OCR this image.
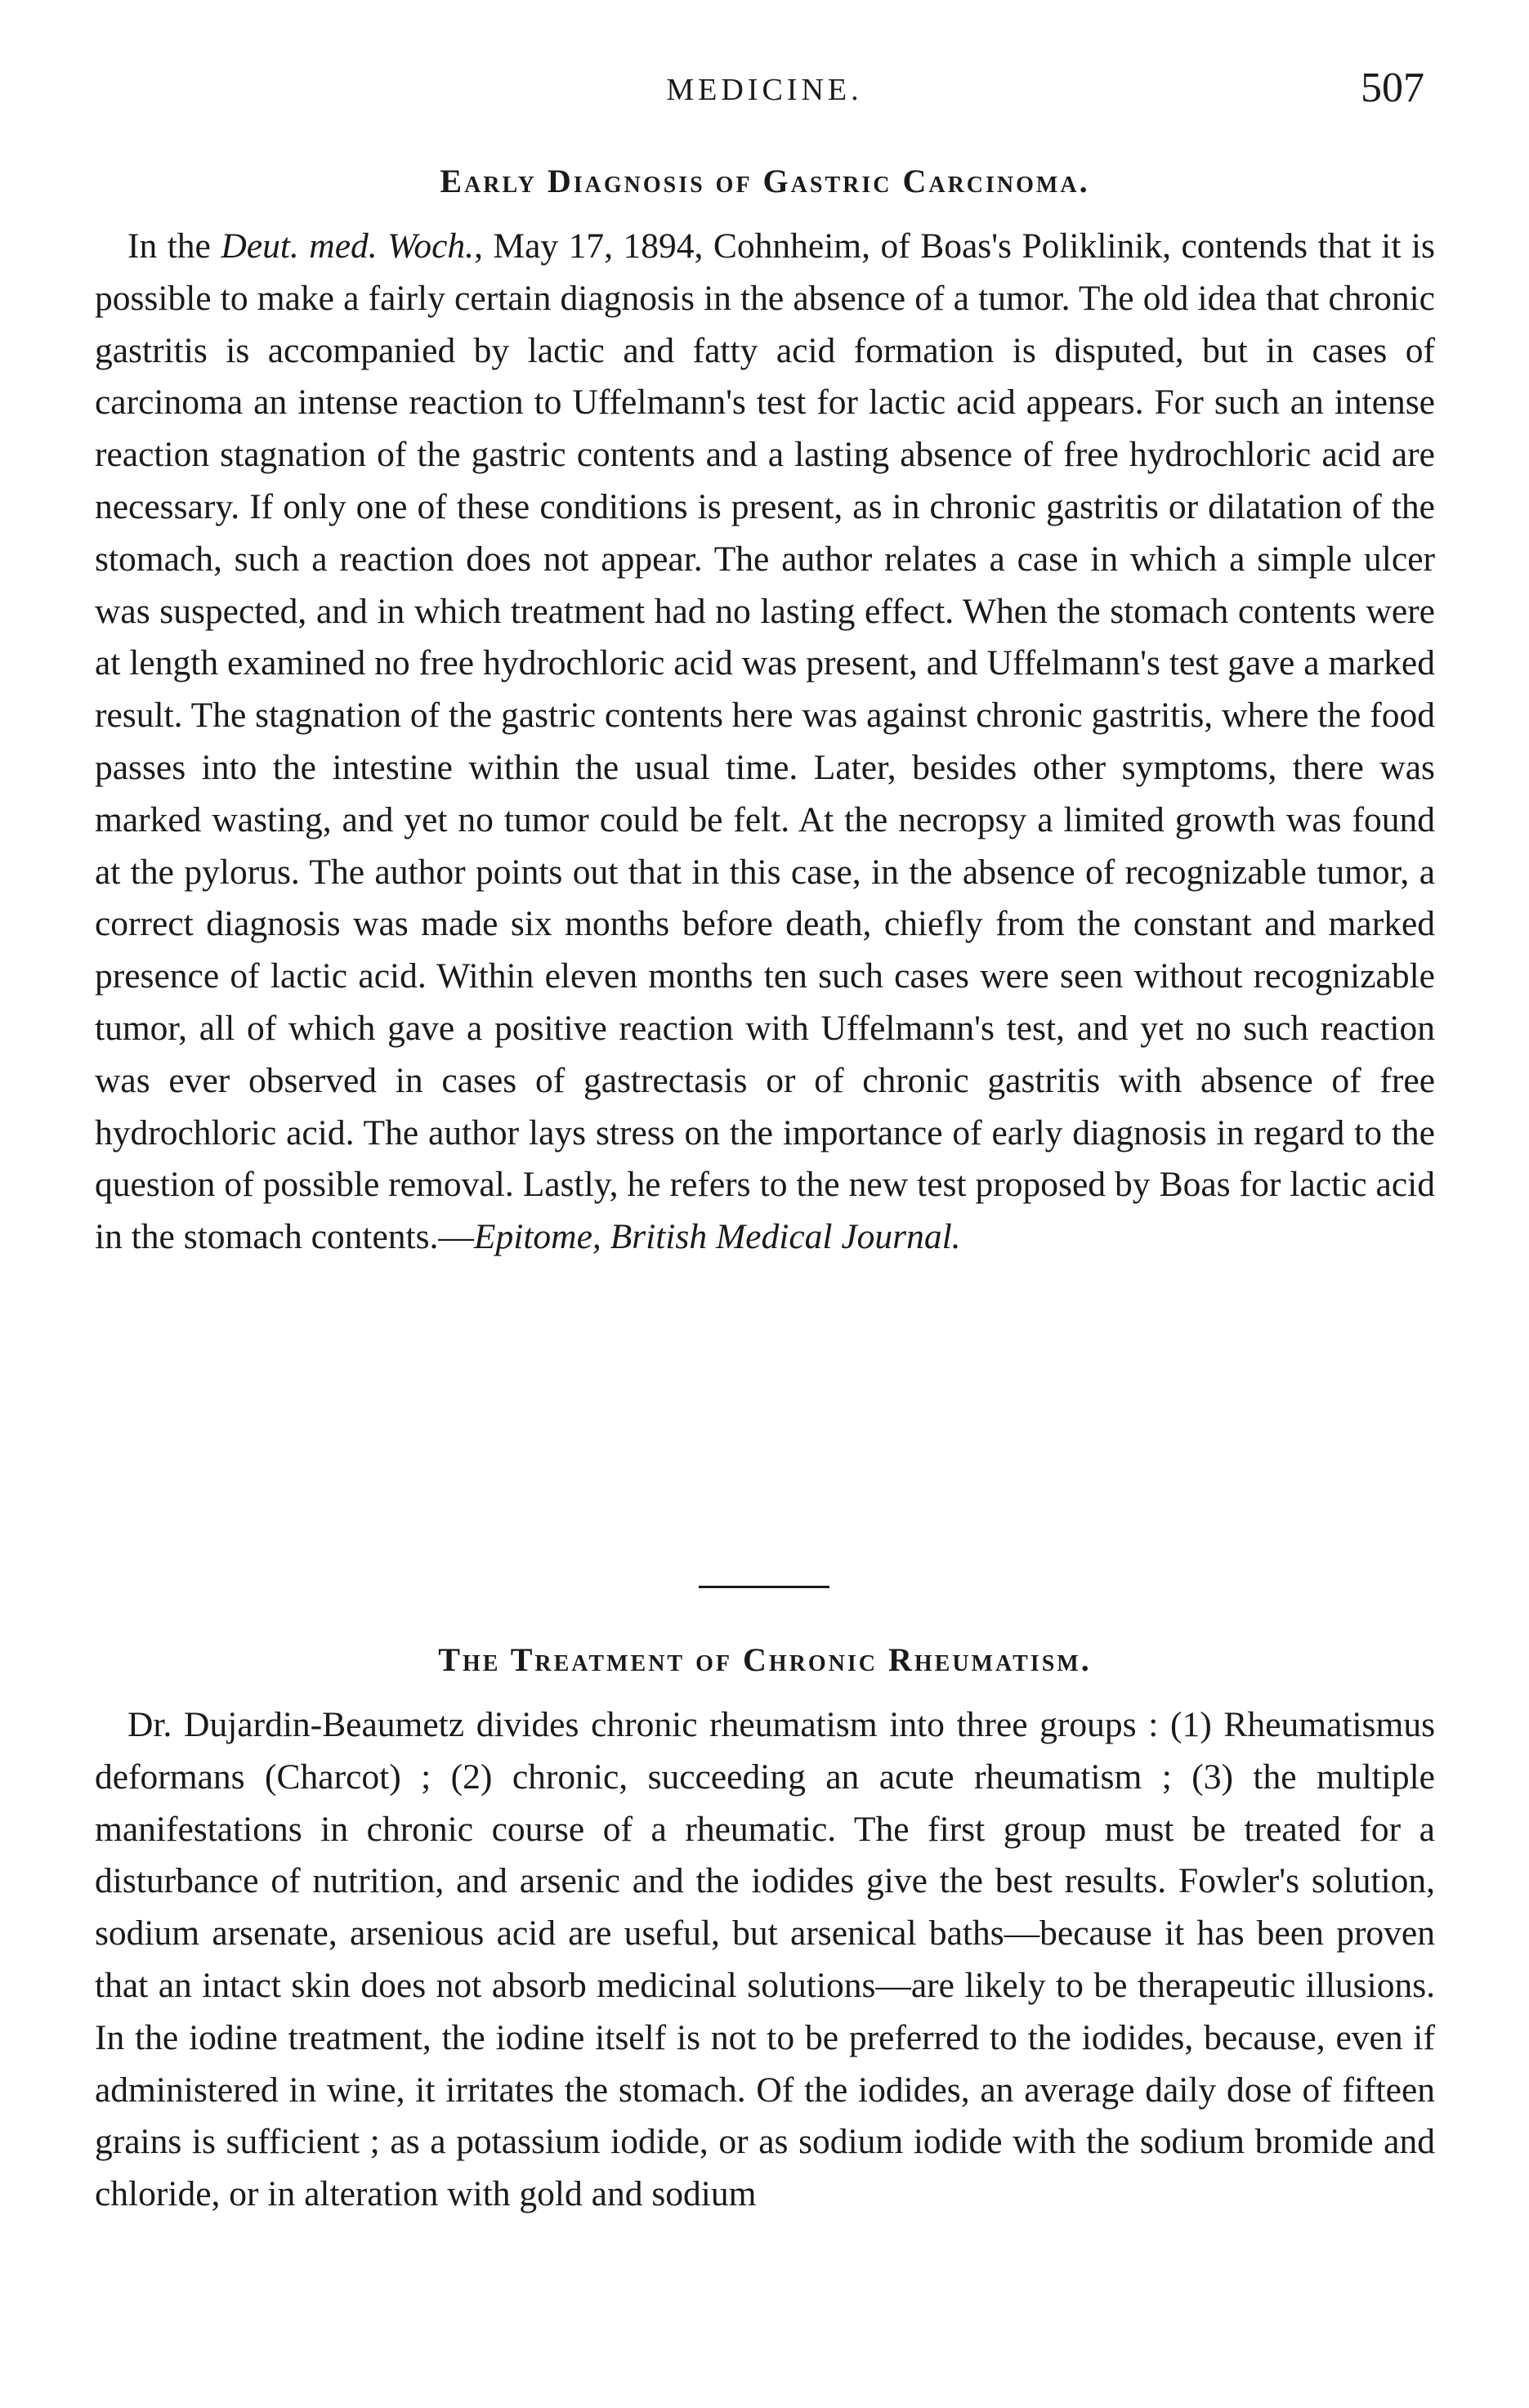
MEDICINE.	507
Early Diagnosis of Gastric Carcinoma.

In the Deut. med. Woch., May 17, 1894, Cohnheim, of Boas's Poliklinik, contends that it is possible to make a fairly certain diagnosis in the absence of a tumor. The old idea that chronic gastritis is accompanied by lactic and fatty acid formation is disputed, but in cases of carcinoma an intense reaction to Uffelmann's test for lactic acid appears. For such an intense reaction stagnation of the gastric contents and a lasting absence of free hydrochloric acid are necessary. If only one of these conditions is present, as in chronic gastritis or dilatation of the stomach, such a reaction does not appear. The author relates a case in which a simple ulcer was suspected, and in which treatment had no lasting effect. When the stomach contents were at length examined no free hydrochloric acid was present, and Uffelmann's test gave a marked result. The stagnation of the gastric contents here was against chronic gastritis, where the food passes into the intestine within the usual time. Later, besides other symptoms, there was marked wasting, and yet no tumor could be felt. At the necropsy a limited growth was found at the pylorus. The author points out that in this case, in the absence of recognizable tumor, a correct diagnosis was made six months before death, chiefly from the constant and marked presence of lactic acid. Within eleven months ten such cases were seen without recognizable tumor, all of which gave a positive reaction with Uffelmann's test, and yet no such reaction was ever observed in cases of gastrectasis or of chronic gastritis with absence of free hydrochloric acid. The author lays stress on the importance of early diagnosis in regard to the question of possible removal. Lastly, he refers to the new test proposed by Boas for lactic acid in the stomach contents.—Epitome, British Medical Journal.

The Treatment of Chronic Rheumatism.

Dr. Dujardin-Beaumetz divides chronic rheumatism into three groups : (1) Rheumatismus deformans (Charcot) ; (2) chronic, succeeding an acute rheumatism ; (3) the multiple manifestations in chronic course of a rheumatic. The first group must be treated for a disturbance of nutrition, and arsenic and the iodides give the best results. Fowler's solution, sodium arsenate, arsenious acid are useful, but arsenical baths—because it has been proven that an intact skin does not absorb medicinal solutions—are likely to be therapeutic illusions. In the iodine treatment, the iodine itself is not to be preferred to the iodides, because, even if administered in wine, it irritates the stomach. Of the iodides, an average daily dose of fifteen grains is sufficient ; as a potassium iodide, or as sodium iodide with the sodium bromide and chloride, or in alteration with gold and sodium
